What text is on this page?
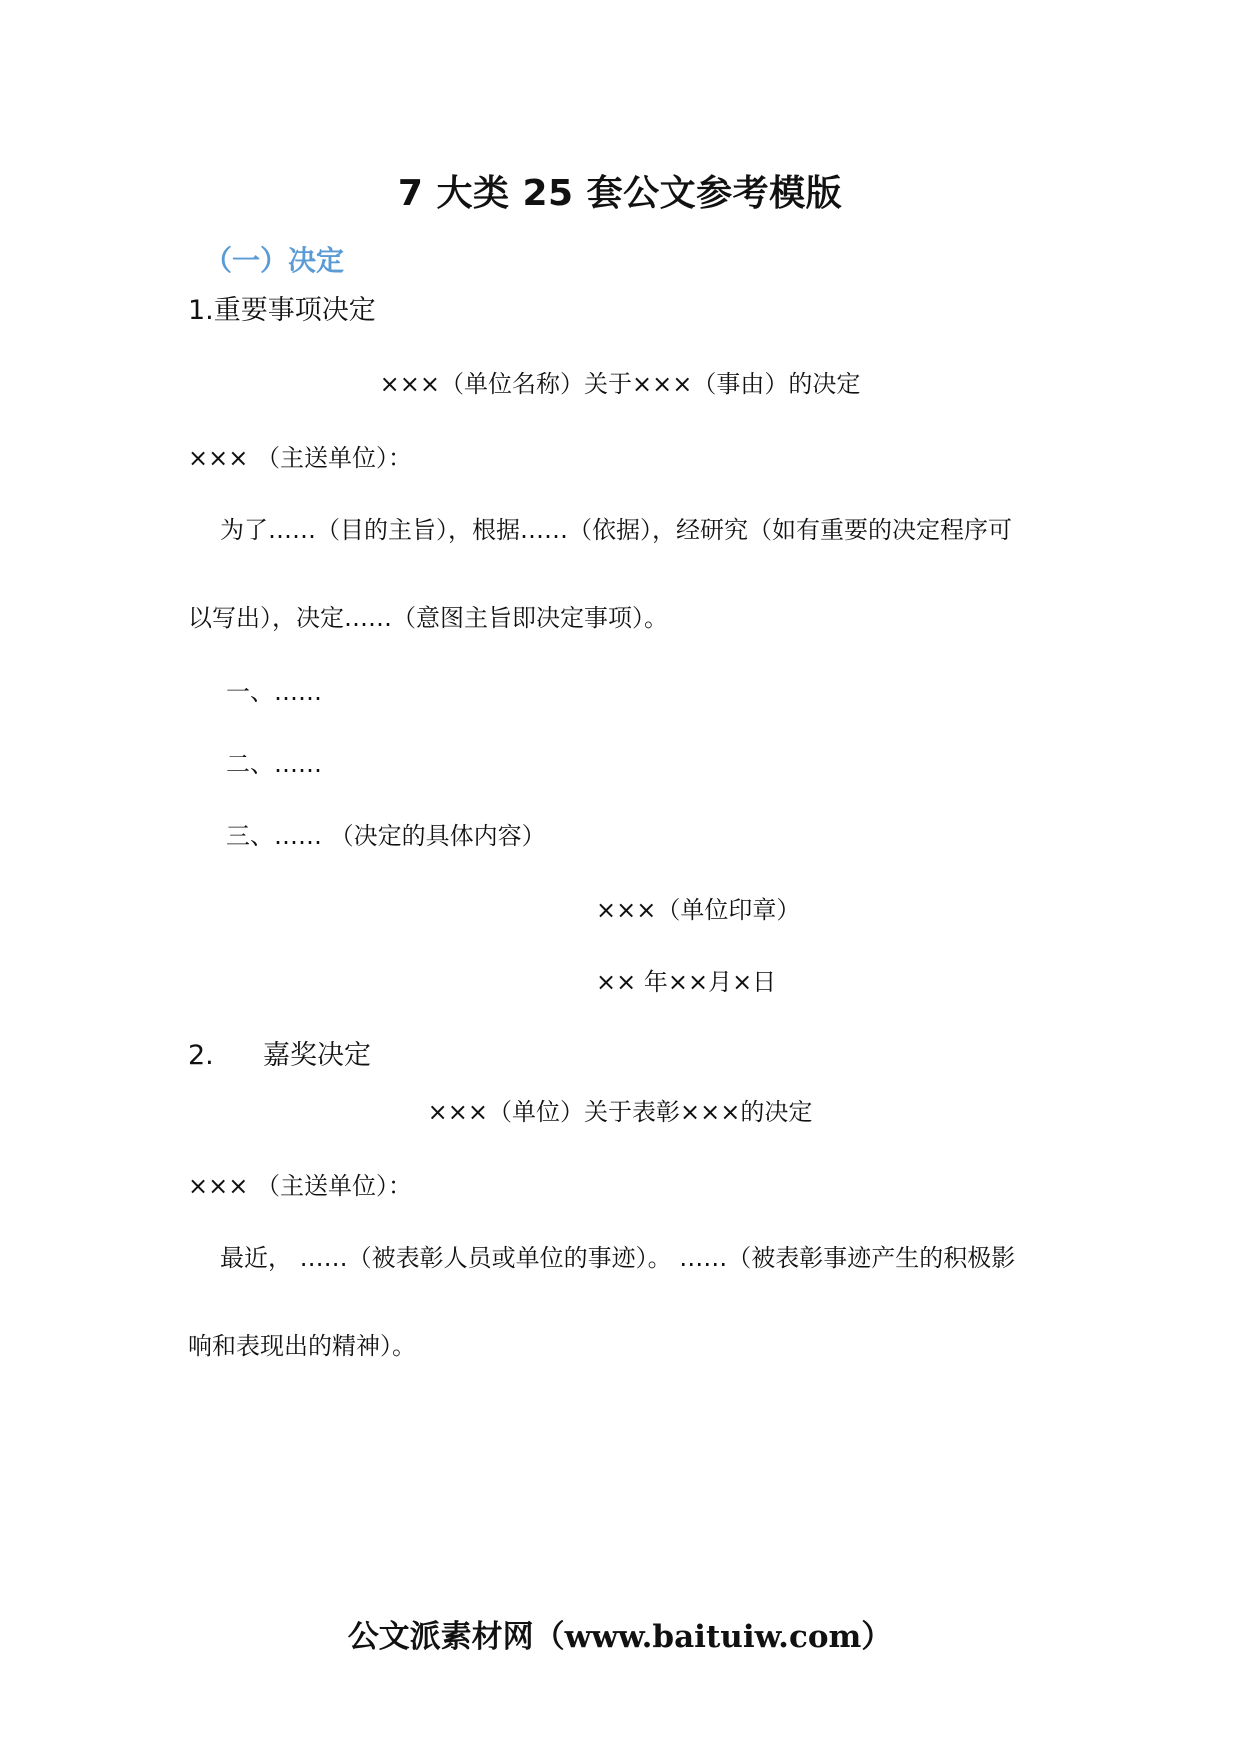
7 大类 25 套公文参考模版
（一）决定
1.重要事项决定
×××（单位名称）关于×××（事由）的决定
××× （主送单位）：
为了……（目的主旨），根据……（依据），经研究（如有重要的决定程序可
以写出），决定……（意图主旨即决定事项）。
一、……
二、……
三、…… （决定的具体内容）
×××（单位印章）
×× 年××月×日
2. 嘉奖决定
×××（单位）关于表彰×××的决定
××× （主送单位）：
最近， ……（被表彰人员或单位的事迹）。 ……（被表彰事迹产生的积极影
响和表现出的精神）。
公文派素材网（www.baituiw.com）
